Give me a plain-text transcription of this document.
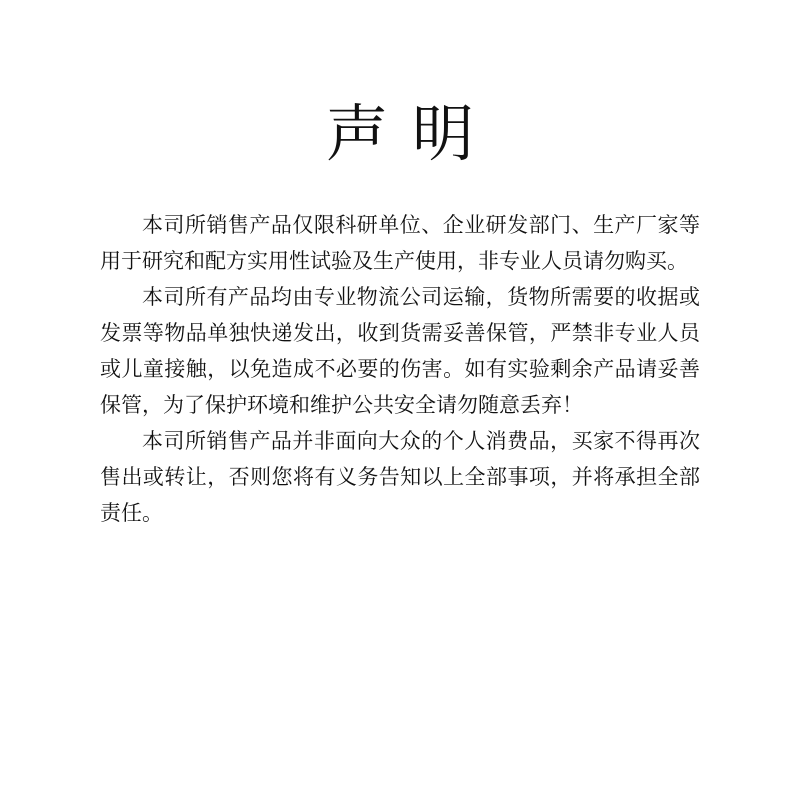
声明

本司所销售产品仅限科研单位、企业研发部门、生产厂家等用于研究和配方实用性试验及生产使用，非专业人员请勿购买。

本司所有产品均由专业物流公司运输，货物所需要的收据或发票等物品单独快递发出，收到货需妥善保管，严禁非专业人员或儿童接触，以免造成不必要的伤害。如有实验剩余产品请妥善保管，为了保护环境和维护公共安全请勿随意丢弃！

本司所销售产品并非面向大众的个人消费品，买家不得再次售出或转让，否则您将有义务告知以上全部事项，并将承担全部责任。
